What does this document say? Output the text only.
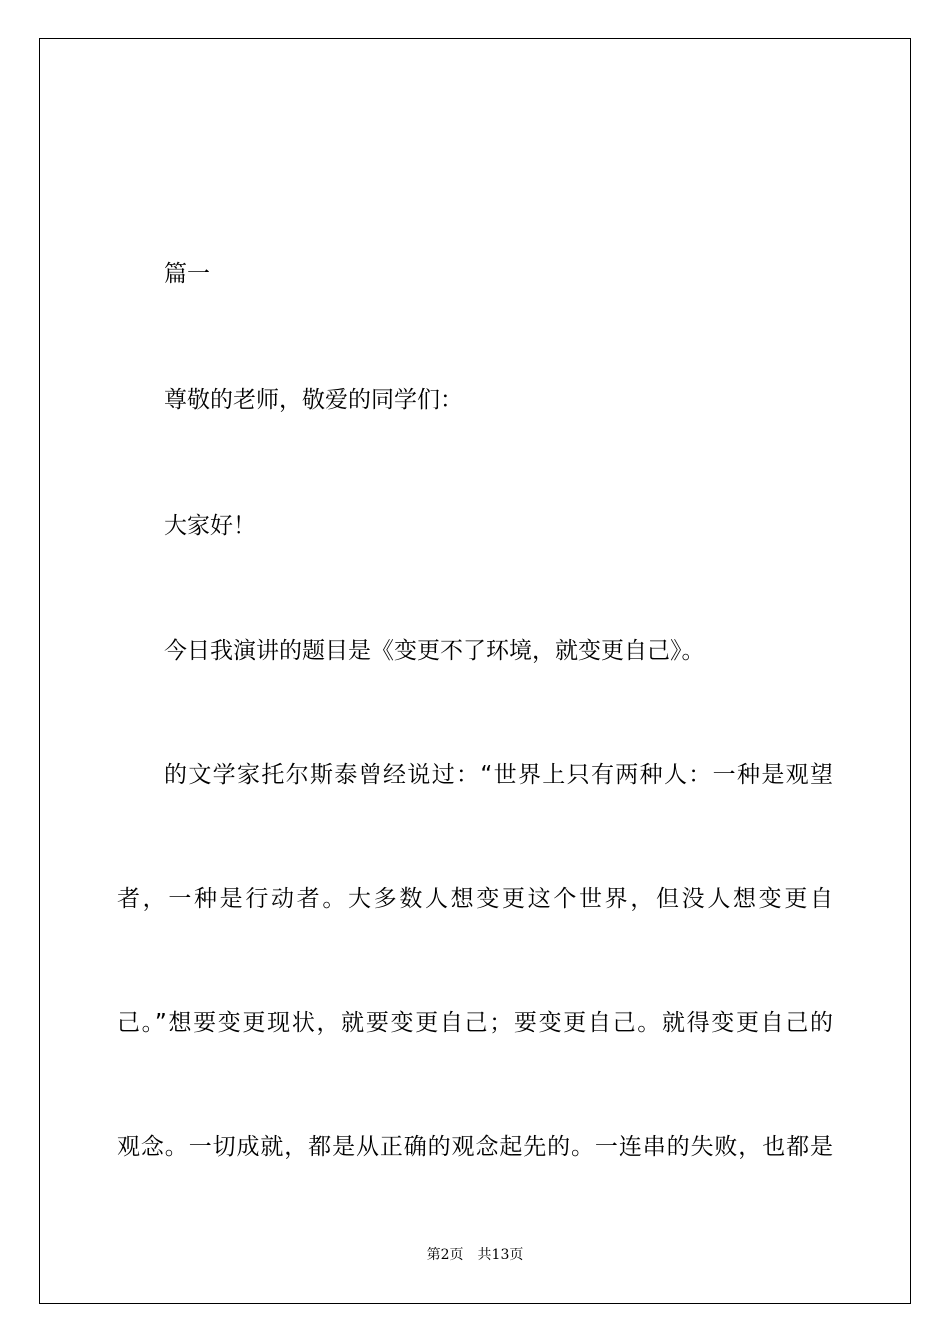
篇一
尊敬的老师，敬爱的同学们：
大家好！
今日我演讲的题目是《变更不了环境，就变更自己》。
的文学家托尔斯泰曾经说过：“世界上只有两种人：一种是观望
者，一种是行动者。大多数人想变更这个世界，但没人想变更自
己。”想要变更现状，就要变更自己；要变更自己。就得变更自己的
观念。一切成就，都是从正确的观念起先的。一连串的失败，也都是
第2页 共13页
